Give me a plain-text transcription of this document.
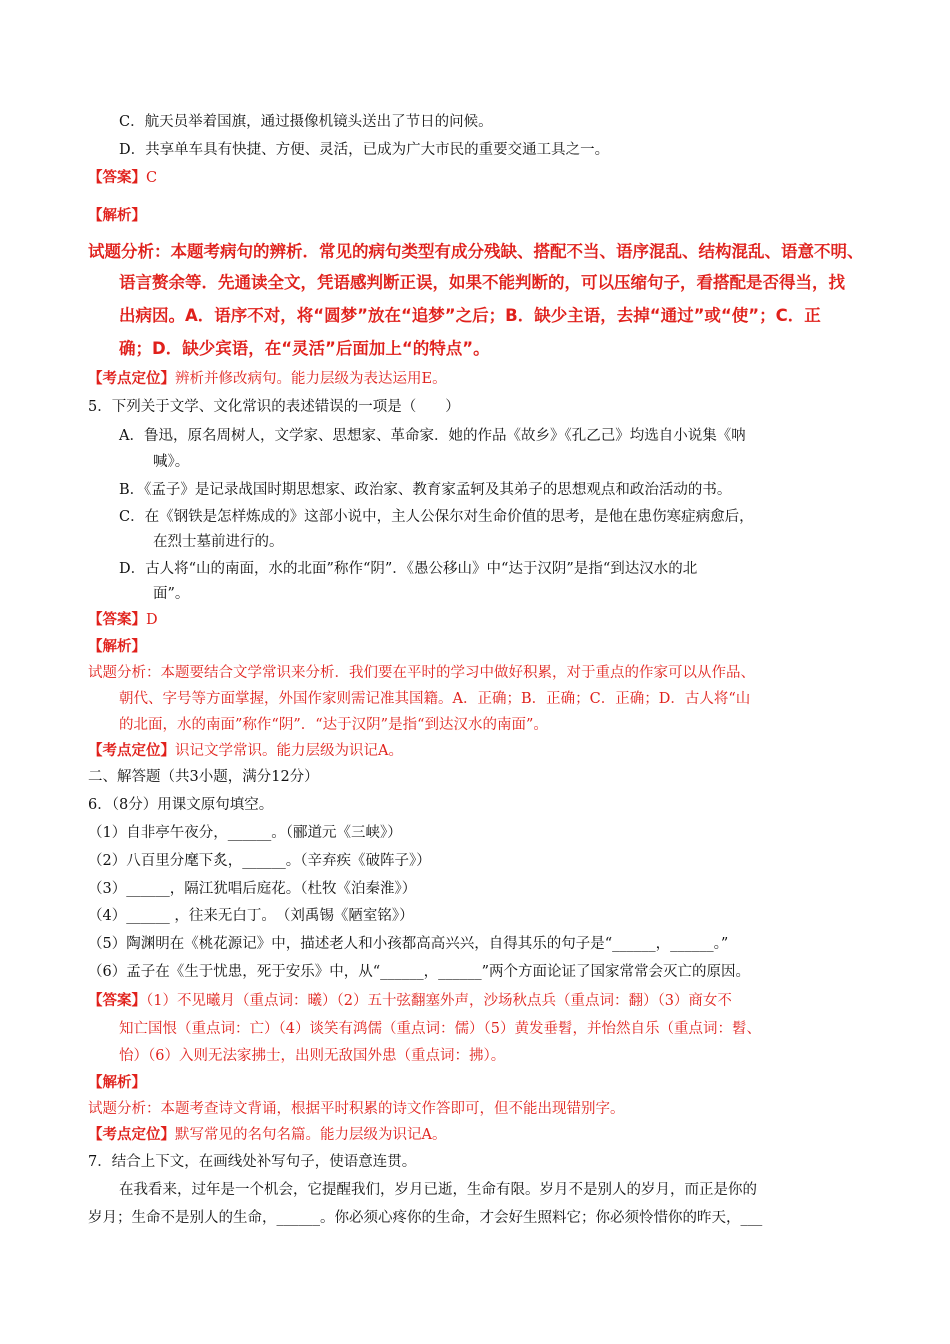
C．航天员举着国旗，通过摄像机镜头送出了节日的问候。
D．共享单车具有快捷、方便、灵活，已成为广大市民的重要交通工具之一。
【答案】C
【解析】
试题分析：本题考病句的辨析．常见的病句类型有成分残缺、搭配不当、语序混乱、结构混乱、语意不明、
语言赘余等．先通读全文，凭语感判断正误，如果不能判断的，可以压缩句子，看搭配是否得当，找
出病因。A．语序不对，将“圆梦”放在“追梦”之后；B．缺少主语，去掉“通过”或“使”；C．正
确；D．缺少宾语，在“灵活”后面加上“的特点”。
【考点定位】辨析并修改病句。能力层级为表达运用E。
5．下列关于文学、文化常识的表述错误的一项是（　　）
A．鲁迅，原名周树人，文学家、思想家、革命家．她的作品《故乡》《孔乙己》均选自小说集《呐
喊》。
B．《孟子》是记录战国时期思想家、政治家、教育家孟轲及其弟子的思想观点和政治活动的书。
C．在《钢铁是怎样炼成的》这部小说中，主人公保尔对生命价值的思考，是他在患伤寒症病愈后，
在烈士墓前进行的。
D．古人将“山的南面，水的北面”称作“阴”．《愚公移山》中“达于汉阴”是指“到达汉水的北
面”。
【答案】D
【解析】
试题分析：本题要结合文学常识来分析．我们要在平时的学习中做好积累，对于重点的作家可以从作品、
朝代、字号等方面掌握，外国作家则需记准其国籍。A．正确；B．正确；C．正确；D．古人将“山
的北面，水的南面”称作“阴”．“达于汉阴”是指“到达汉水的南面”。
【考点定位】识记文学常识。能力层级为识记A。
二、解答题（共3小题，满分12分）
6．（8分）用课文原句填空。
（1）自非亭午夜分，______。（郦道元《三峡》）
（2）八百里分麾下炙，______。（辛弃疾《破阵子》）
（3）______，隔江犹唱后庭花。（杜牧《泊秦淮》）
（4）______ ，往来无白丁。　（刘禹锡《陋室铭》）
（5）陶渊明在《桃花源记》中，描述老人和小孩都高高兴兴，自得其乐的句子是“______，______。”
（6）孟子在《生于忧患，死于安乐》中，从“______，______”两个方面论证了国家常常会灭亡的原因。
【答案】（1）不见曦月（重点词：曦）（2）五十弦翻塞外声，沙场秋点兵（重点词：翻）（3）商女不
知亡国恨（重点词：亡）（4）谈笑有鸿儒（重点词：儒）（5）黄发垂髫，并怡然自乐（重点词：髫、
怡）（6）入则无法家拂士，出则无敌国外患（重点词：拂）。
【解析】
试题分析：本题考查诗文背诵，根据平时积累的诗文作答即可，但不能出现错别字。
【考点定位】默写常见的名句名篇。能力层级为识记A。
7．结合上下文，在画线处补写句子，使语意连贯。
在我看来，过年是一个机会，它提醒我们，岁月已逝，生命有限。岁月不是别人的岁月，而正是你的
岁月；生命不是别人的生命，______。你必须心疼你的生命，才会好生照料它；你必须怜惜你的昨天，___
